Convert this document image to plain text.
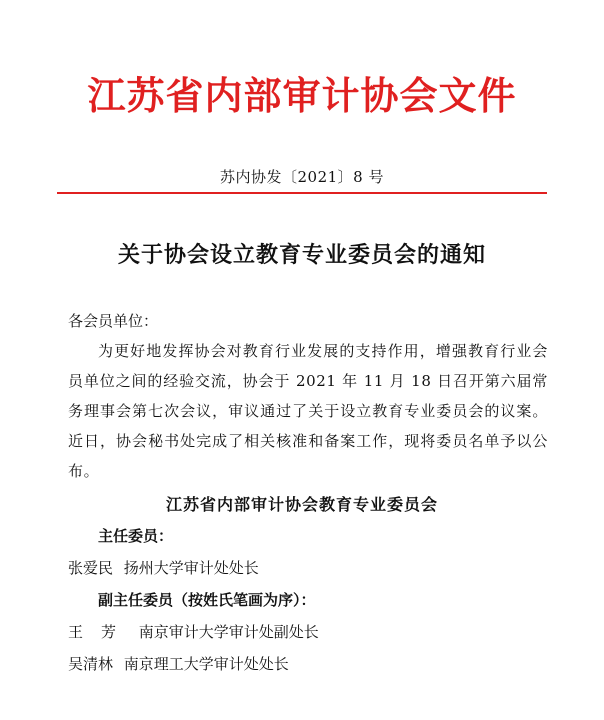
江苏省内部审计协会文件
苏内协发〔2021〕8 号
关于协会设立教育专业委员会的通知
各会员单位：
为更好地发挥协会对教育行业发展的支持作用，增强教育行业会员单位之间的经验交流，协会于 2021 年 11 月 18 日召开第六届常务理事会第七次会议，审议通过了关于设立教育专业委员会的议案。近日，协会秘书处完成了相关核准和备案工作，现将委员名单予以公布。
江苏省内部审计协会教育专业委员会
主任委员：
张爱民 扬州大学审计处处长
副主任委员（按姓氏笔画为序）：
王芳 南京审计大学审计处副处长
吴清林 南京理工大学审计处处长
